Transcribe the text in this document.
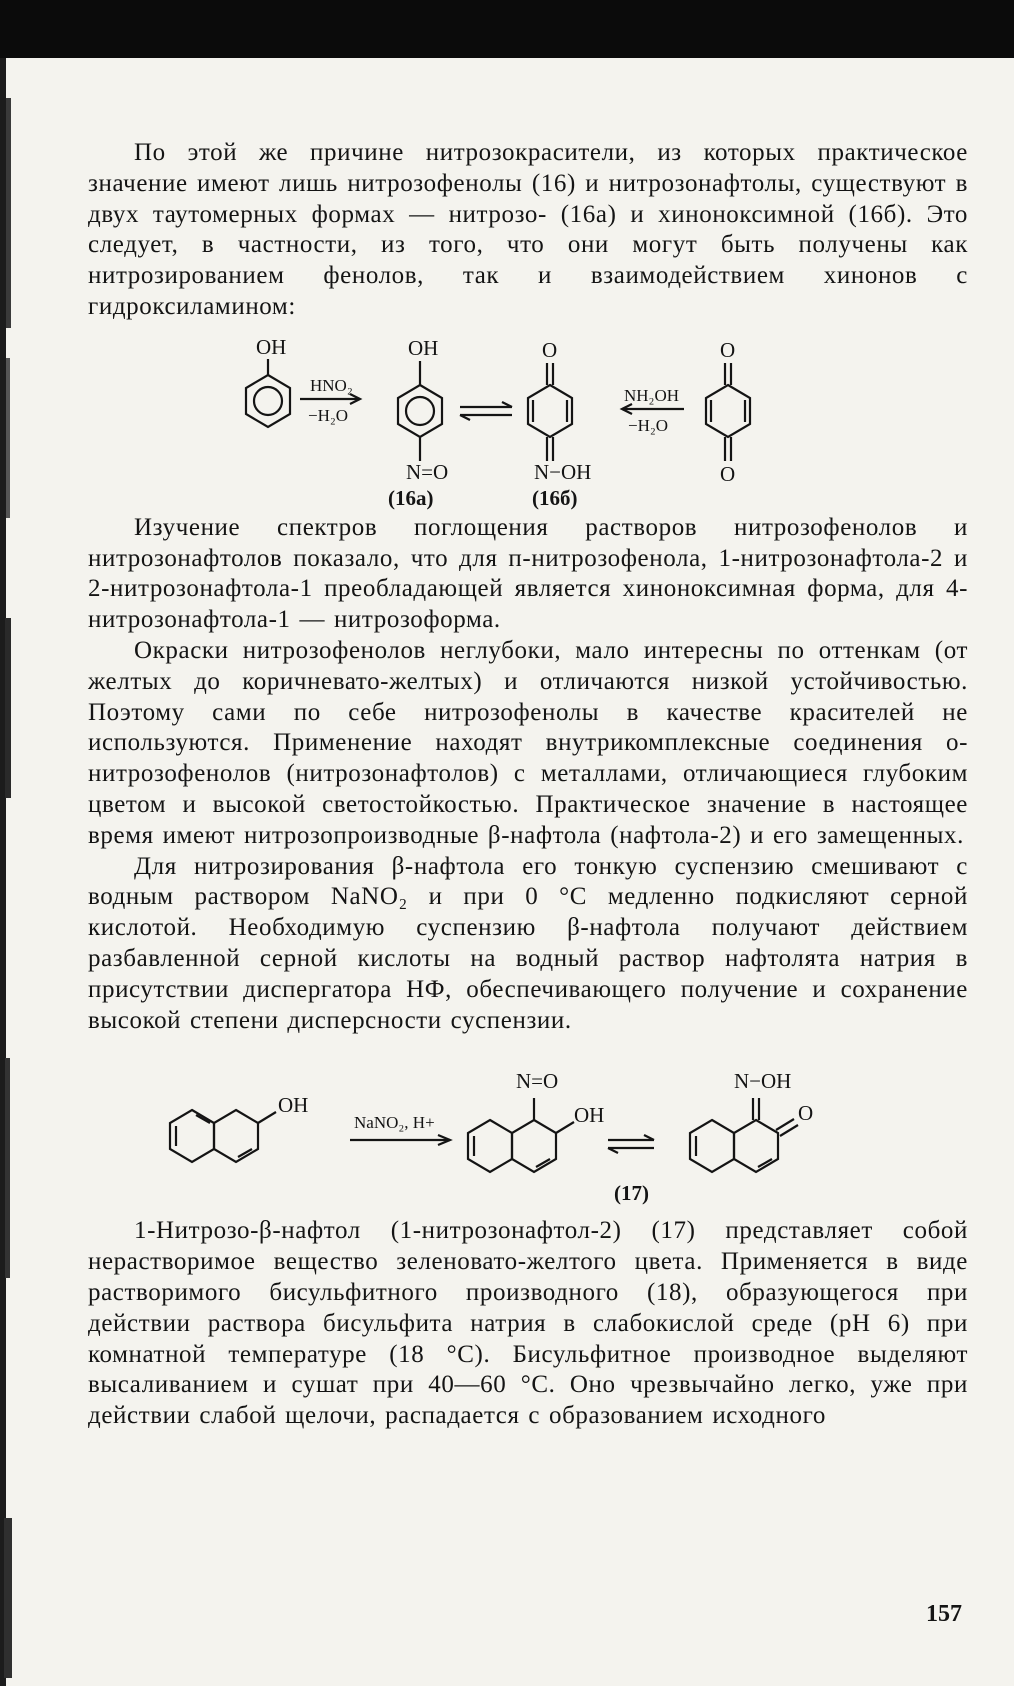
По этой же причине нитрозокрасители, из которых практическое значение имеют лишь нитрозофенолы (16) и нитрозонафтолы, существуют в двух таутомерных формах — нитрозо- (16а) и хиноноксимной (16б). Это следует, в частности, из того, что они могут быть получены как нитрозированием фенолов, так и взаимодействием хинонов с гидроксиламином:

OH	OH	O	O
O
N=O	N−OH
HNO₂
−H₂O
NH₂OH
−H₂O
(16а)	(16б)

Изучение спектров поглощения растворов нитрозофенолов и нитрозонафтолов показало, что для п-нитрозофенола, 1-нитрозонафтола-2 и 2-нитрозонафтола-1 преобладающей является хиноноксимная форма, для 4-нитрозонафтола-1 — нитрозоформа.

Окраски нитрозофенолов неглубоки, мало интересны по оттенкам (от желтых до коричневато-желтых) и отличаются низкой устойчивостью. Поэтому сами по себе нитрозофенолы в качестве красителей не используются. Применение находят внутрикомплексные соединения о-нитрозофенолов (нитрозонафтолов) с металлами, отличающиеся глубоким цветом и высокой светостойкостью. Практическое значение в настоящее время имеют нитрозопроизводные β-нафтола (нафтола-2) и его замещенных.

Для нитрозирования β-нафтола его тонкую суспензию смешивают с водным раствором NaNO₂ и при 0 °С медленно подкисляют серной кислотой. Необходимую суспензию β-нафтола получают действием разбавленной серной кислоты на водный раствор нафтолята натрия в присутствии диспергатора НФ, обеспечивающего получение и сохранение высокой степени дисперсности суспензии.

OH
N=O
OH
N−OH
O
NaNO₂, H+
(17)

1-Нитрозо-β-нафтол (1-нитрозонафтол-2) (17) представляет собой нерастворимое вещество зеленовато-желтого цвета. Применяется в виде растворимого бисульфитного производного (18), образующегося при действии раствора бисульфита натрия в слабокислой среде (pH 6) при комнатной температуре (18 °С). Бисульфитное производное выделяют высаливанием и сушат при 40—60 °С. Оно чрезвычайно легко, уже при действии слабой щелочи, распадается с образованием исходного

157
